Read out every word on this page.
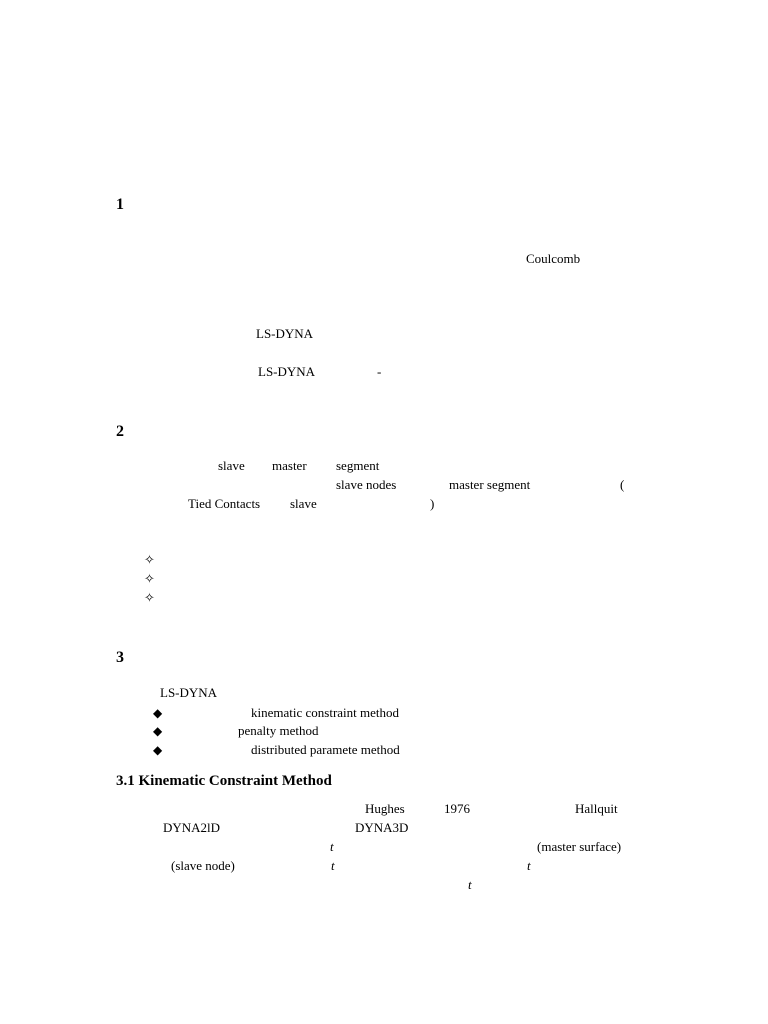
1
Coulcomb
LS-DYNA
LS-DYNA	-
2
slave master segment
slave nodes	master segment	(
Tied Contacts slave	)
✧
✧
✧
3
LS-DYNA
◆	kinematic constraint method
◆	penalty method
◆	distributed paramete method
3.1 Kinematic Constraint Method
Hughes	1976	Hallquit
DYNA2lD	DYNA3D
t	(master surface)
(slave node)	t	t
t
